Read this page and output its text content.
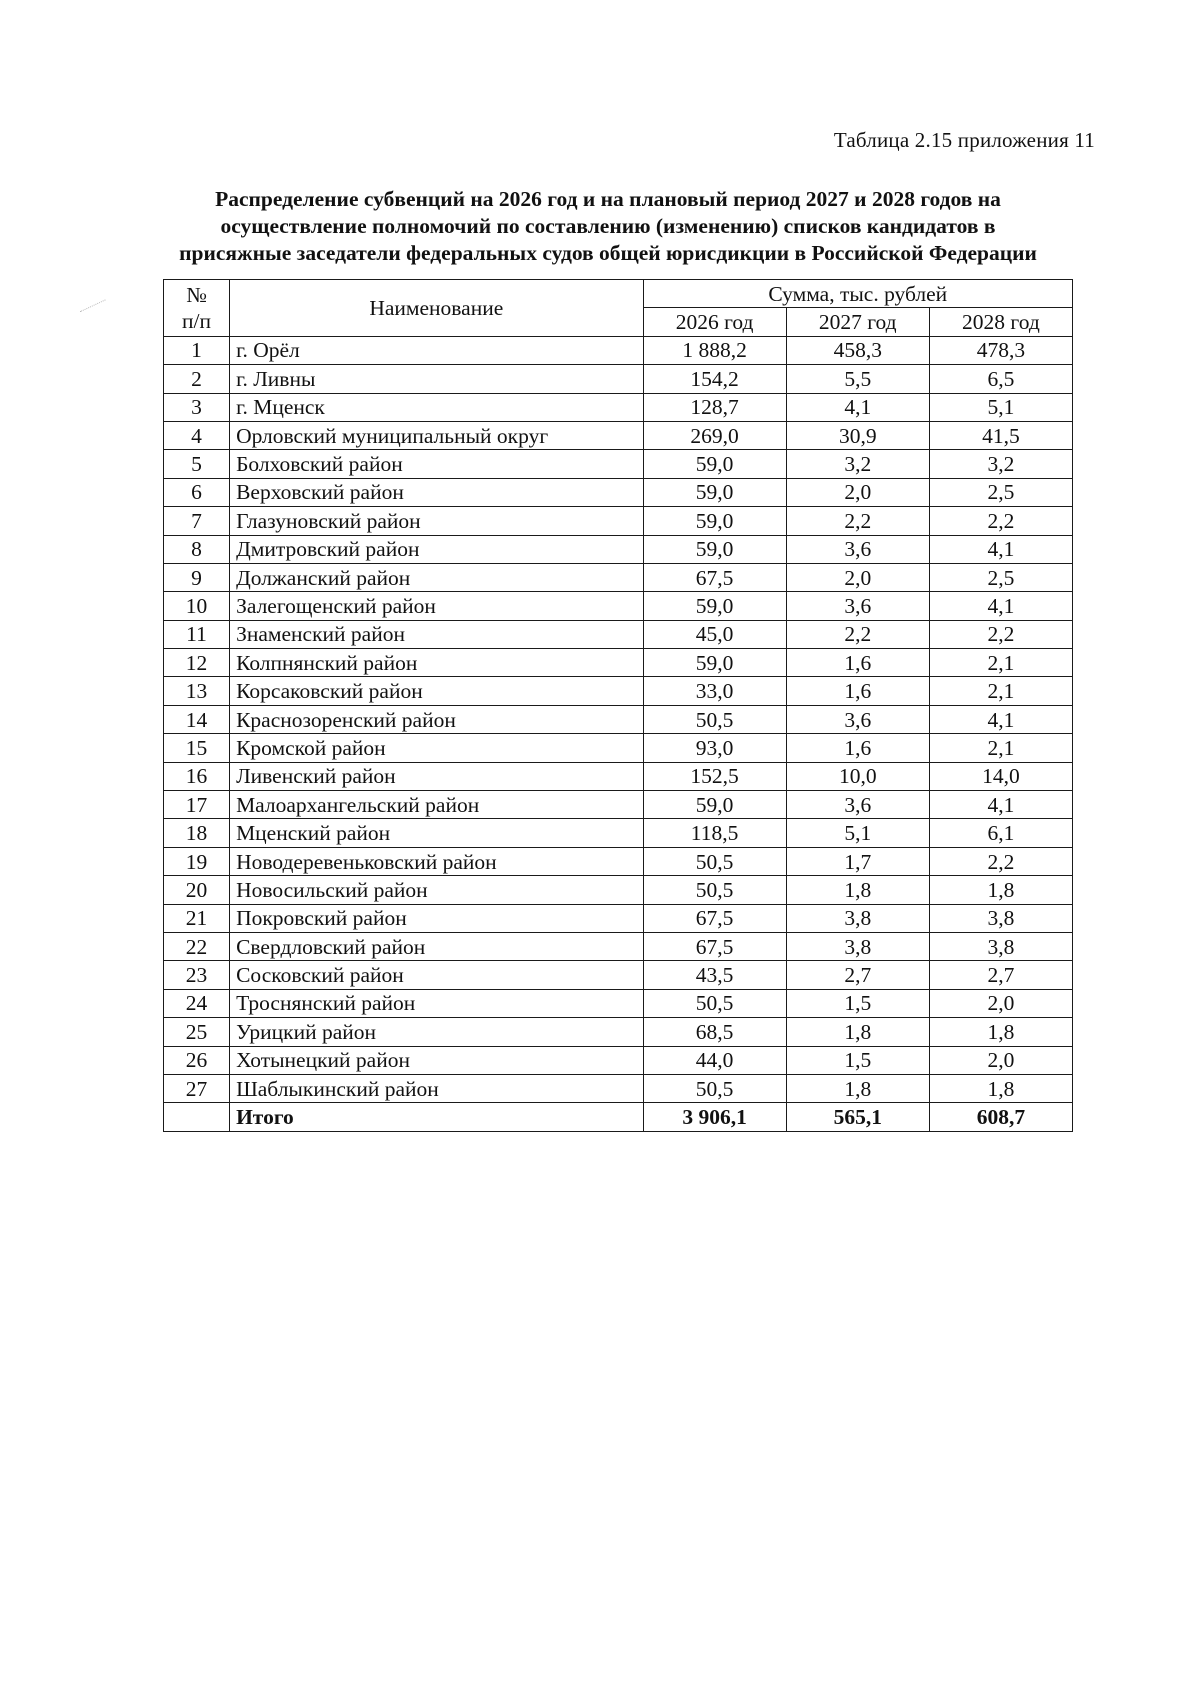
Таблица 2.15 приложения 11
Распределение субвенций на 2026 год и на плановый период 2027 и 2028 годов на
осуществление полномочий по составлению (изменению) списков кандидатов в
присяжные заседатели федеральных судов общей юрисдикции в Российской Федерации
№
п/п	Наименование	Сумма, тыс. рублей		
		2026 год	2027 год	2028 год
1	г. Орёл	1 888,2	458,3	478,3
2	г. Ливны	154,2	5,5	6,5
3	г. Мценск	128,7	4,1	5,1
4	Орловский муниципальный округ	269,0	30,9	41,5
5	Болховский район	59,0	3,2	3,2
6	Верховский район	59,0	2,0	2,5
7	Глазуновский район	59,0	2,2	2,2
8	Дмитровский район	59,0	3,6	4,1
9	Должанский район	67,5	2,0	2,5
10	Залегощенский район	59,0	3,6	4,1
11	Знаменский район	45,0	2,2	2,2
12	Колпнянский район	59,0	1,6	2,1
13	Корсаковский район	33,0	1,6	2,1
14	Краснозоренский район	50,5	3,6	4,1
15	Кромской район	93,0	1,6	2,1
16	Ливенский район	152,5	10,0	14,0
17	Малоархангельский район	59,0	3,6	4,1
18	Мценский район	118,5	5,1	6,1
19	Новодеревеньковский район	50,5	1,7	2,2
20	Новосильский район	50,5	1,8	1,8
21	Покровский район	67,5	3,8	3,8
22	Свердловский район	67,5	3,8	3,8
23	Сосковский район	43,5	2,7	2,7
24	Троснянский район	50,5	1,5	2,0
25	Урицкий район	68,5	1,8	1,8
26	Хотынецкий район	44,0	1,5	2,0
27	Шаблыкинский район	50,5	1,8	1,8
	Итого	3 906,1	565,1	608,7
